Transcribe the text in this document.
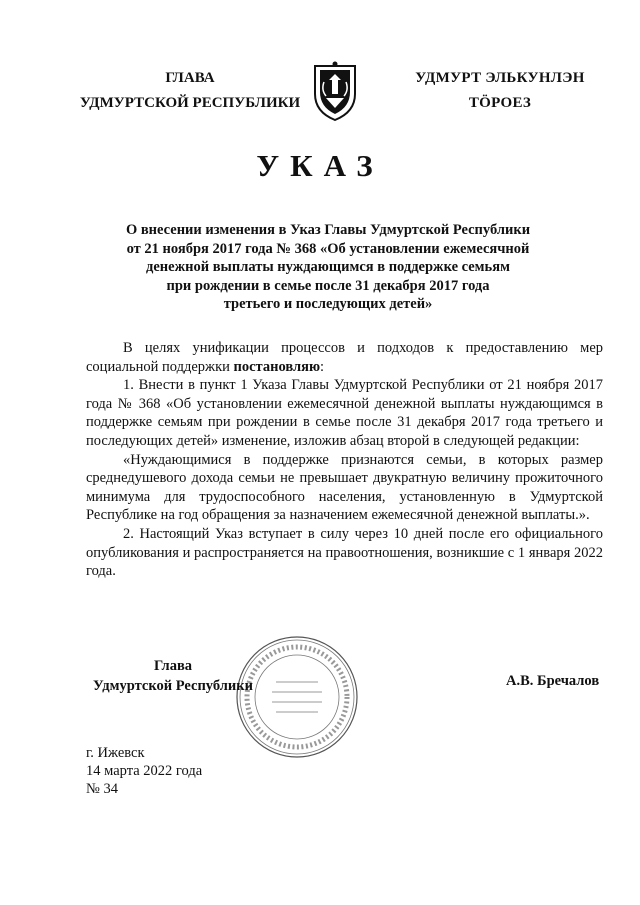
ГЛАВА
УДМУРТСКОЙ РЕСПУБЛИКИ
УДМУРТ ЭЛЬКУНЛЭН
ТӦРОЕЗ
УКАЗ
О внесении изменения в Указ Главы Удмуртской Республики
от 21 ноября 2017 года № 368 «Об установлении ежемесячной
денежной выплаты нуждающимся в поддержке семьям
при рождении в семье после 31 декабря 2017 года
третьего и последующих детей»

В целях унификации процессов и подходов к предоставлению мер социальной поддержки постановляю:

1. Внести в пункт 1 Указа Главы Удмуртской Республики от 21 ноября 2017 года № 368 «Об установлении ежемесячной денежной выплаты нуждающимся в поддержке семьям при рождении в семье после 31 декабря 2017 года третьего и последующих детей» изменение, изложив абзац второй в следующей редакции:

«Нуждающимися в поддержке признаются семьи, в которых размер среднедушевого дохода семьи не превышает двукратную величину прожиточного минимума для трудоспособного населения, установленную в Удмуртской Республике на год обращения за назначением ежемесячной денежной выплаты.».

2. Настоящий Указ вступает в силу через 10 дней после его официального опубликования и распространяется на правоотношения, возникшие с 1 января 2022 года.

Глава
Удмуртской Республики	А.В. Бречалов
г. Ижевск
14 марта 2022 года
№ 34
